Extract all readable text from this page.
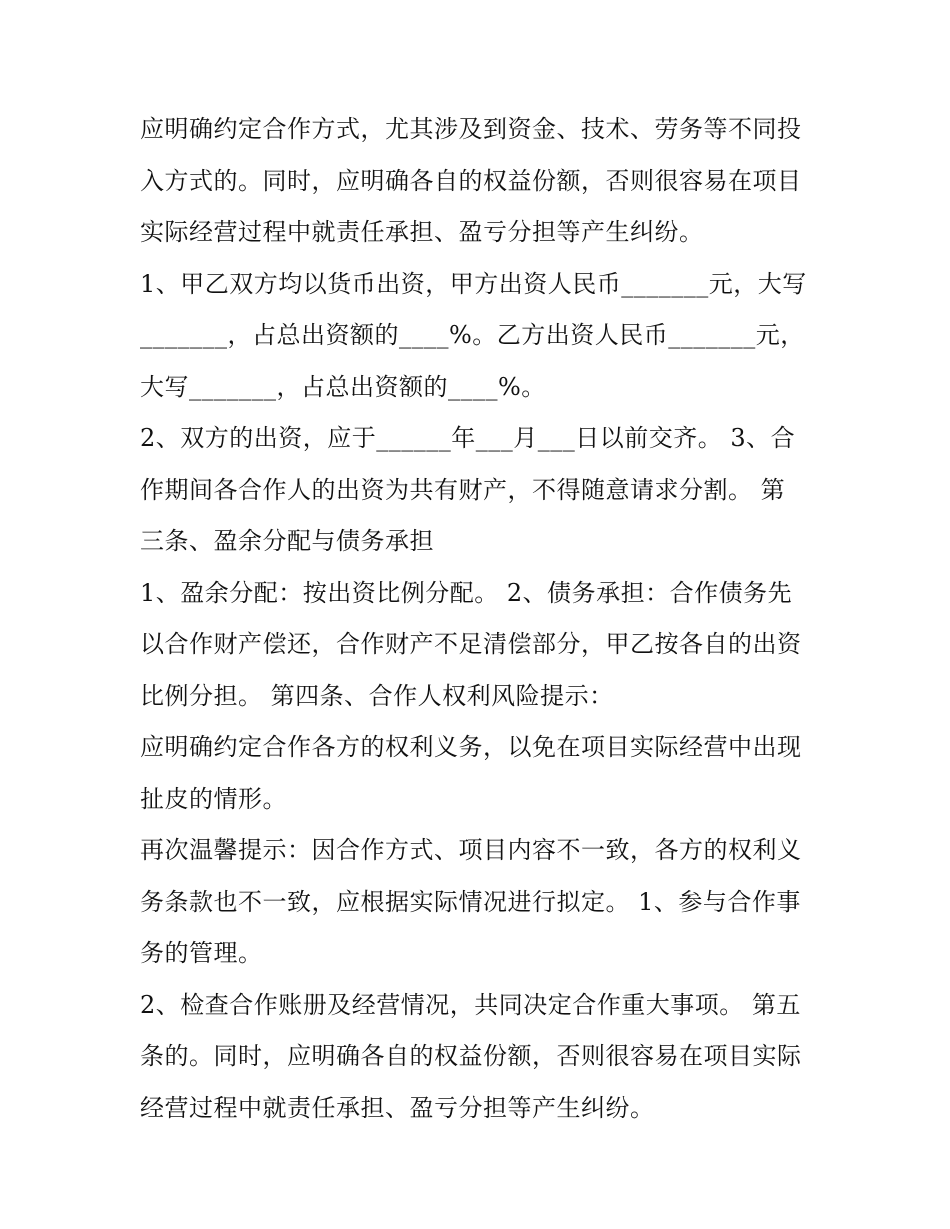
应明确约定合作方式，尤其涉及到资金、技术、劳务等不同投
入方式的。同时，应明确各自的权益份额，否则很容易在项目
实际经营过程中就责任承担、盈亏分担等产生纠纷。
1、甲乙双方均以货币出资，甲方出资人民币_______元，大写
_______，占总出资额的____%。乙方出资人民币_______元，
大写_______，占总出资额的____%。
2、双方的出资，应于______年___月___日以前交齐。 3、合
作期间各合作人的出资为共有财产，不得随意请求分割。 第
三条、盈余分配与债务承担
1、盈余分配：按出资比例分配。 2、债务承担：合作债务先
以合作财产偿还，合作财产不足清偿部分，甲乙按各自的出资
比例分担。 第四条、合作人权利风险提示：
应明确约定合作各方的权利义务，以免在项目实际经营中出现
扯皮的情形。
再次温馨提示：因合作方式、项目内容不一致，各方的权利义
务条款也不一致，应根据实际情况进行拟定。 1、参与合作事
务的管理。
2、检查合作账册及经营情况，共同决定合作重大事项。 第五
条的。同时，应明确各自的权益份额，否则很容易在项目实际
经营过程中就责任承担、盈亏分担等产生纠纷。
